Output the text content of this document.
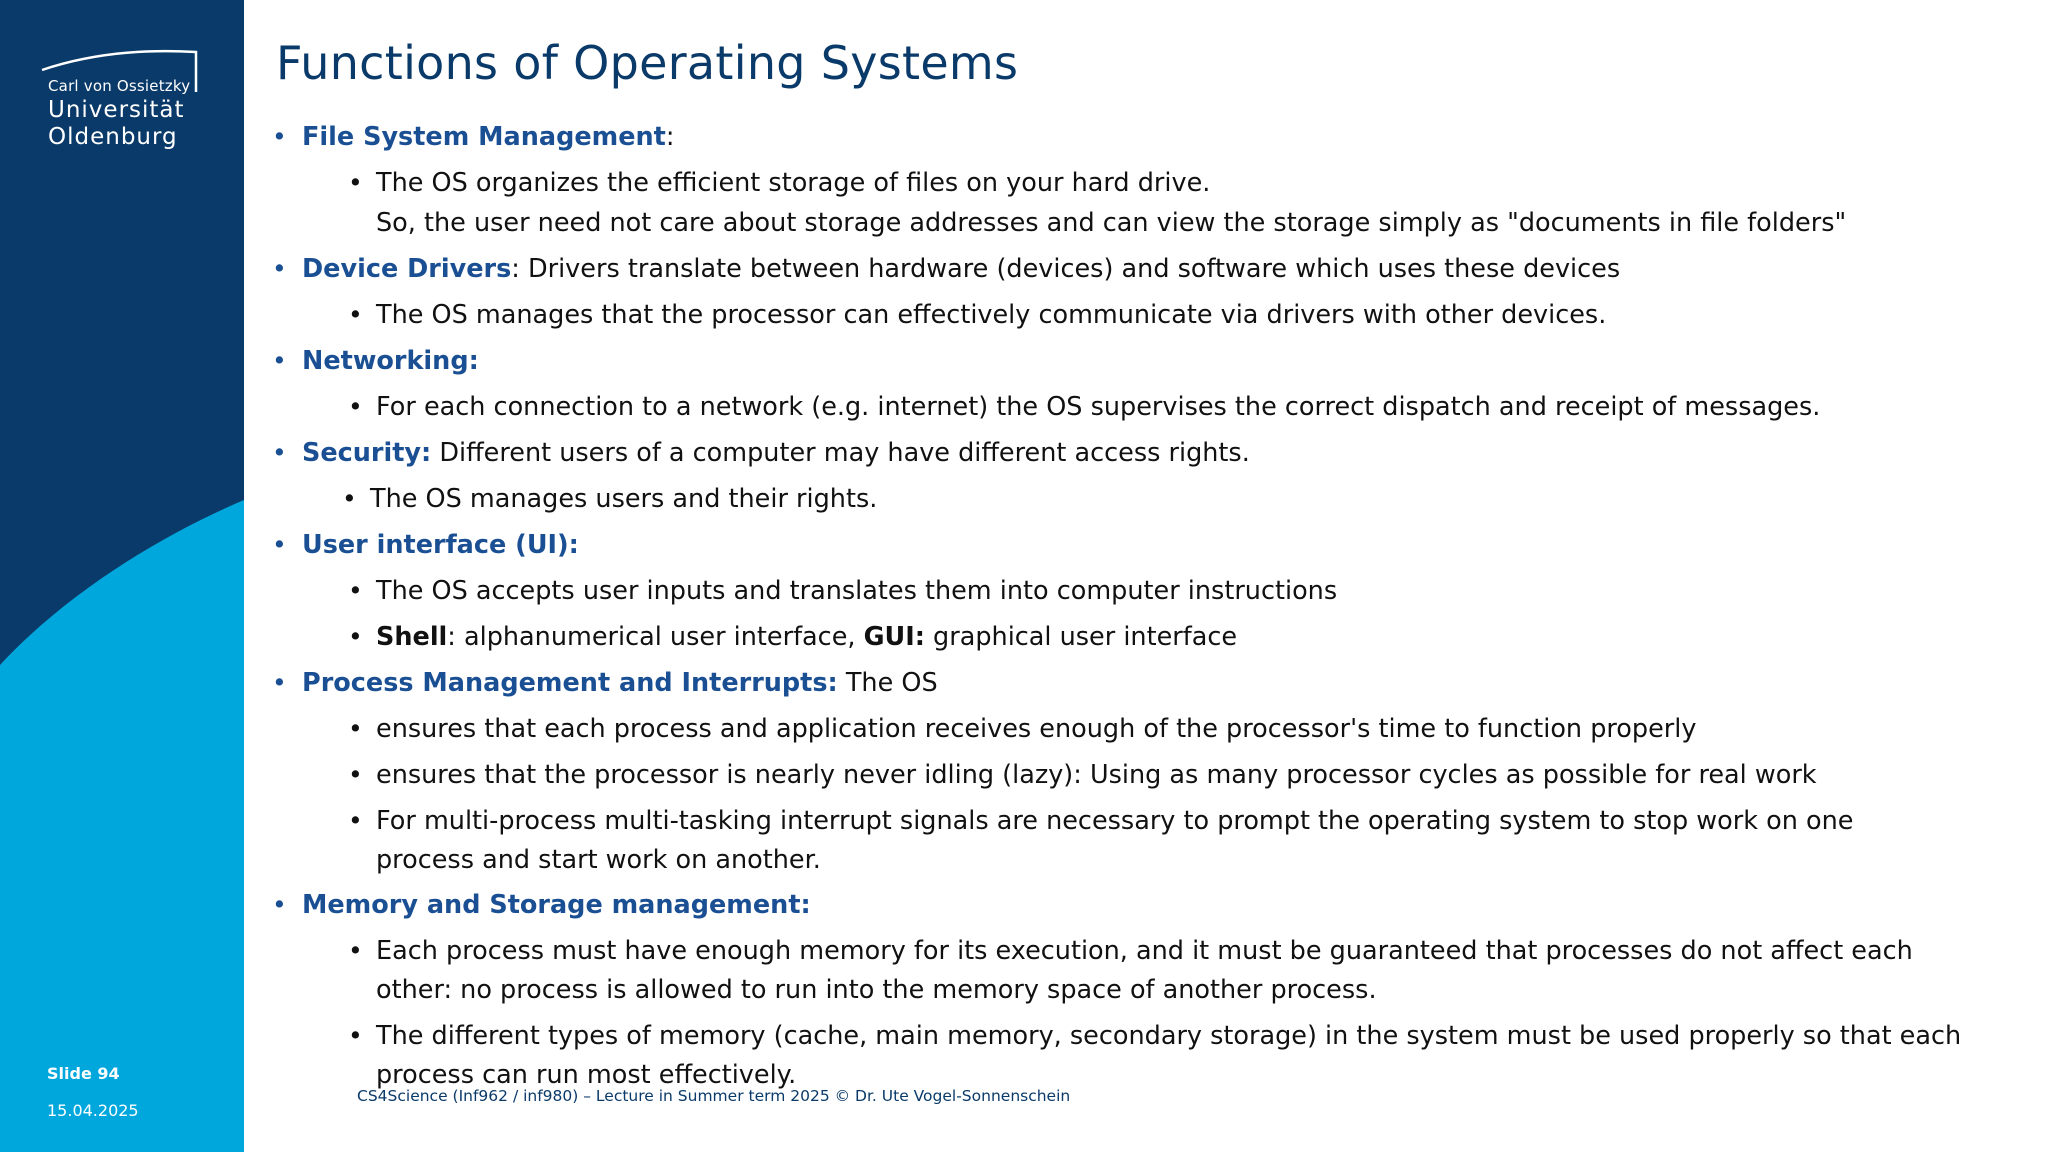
Carl von Ossietzky
Universität
Oldenburg
Slide 94
15.04.2025
Functions of Operating Systems
• File System Management:
• The OS organizes the efficient storage of files on your hard drive.
So, the user need not care about storage addresses and can view the storage simply as "documents in file folders"
• Device Drivers: Drivers translate between hardware (devices) and software which uses these devices
• The OS manages that the processor can effectively communicate via drivers with other devices.
• Networking:
• For each connection to a network (e.g. internet) the OS supervises the correct dispatch and receipt of messages.
• Security: Different users of a computer may have different access rights.
• The OS manages users and their rights.
• User interface (UI):
• The OS accepts user inputs and translates them into computer instructions
• Shell: alphanumerical user interface, GUI: graphical user interface
• Process Management and Interrupts: The OS
• ensures that each process and application receives enough of the processor's time to function properly
• ensures that the processor is nearly never idling (lazy): Using as many processor cycles as possible for real work
• For multi-process multi-tasking interrupt signals are necessary to prompt the operating system to stop work on one
process and start work on another.
• Memory and Storage management:
• Each process must have enough memory for its execution, and it must be guaranteed that processes do not affect each
other: no process is allowed to run into the memory space of another process.
• The different types of memory (cache, main memory, secondary storage) in the system must be used properly so that each
process can run most effectively.
CS4Science (Inf962 / inf980) – Lecture in Summer term 2025 © Dr. Ute Vogel-Sonnenschein
